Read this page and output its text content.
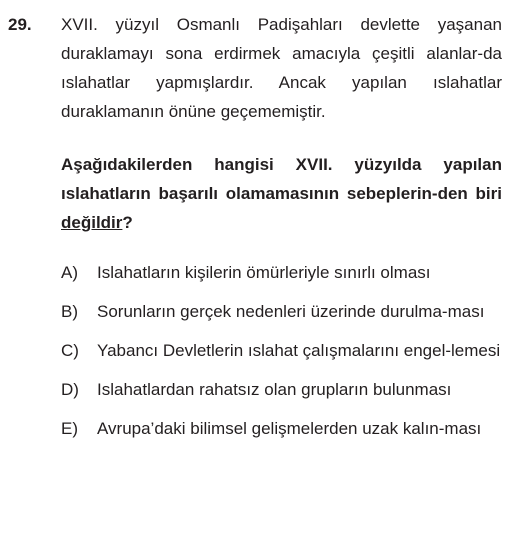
29. XVII. yüzyıl Osmanlı Padişahları devlette yaşanan duraklamayı sona erdirmek amacıyla çeşitli alanlar-da ıslahatlar yapmışlardır. Ancak yapılan ıslahatlar duraklamanın önüne geçememiştir.

Aşağıdakilerden hangisi XVII. yüzyılda yapılan ıslahatların başarılı olamamasının sebeplerin-den biri değildir?
A) Islahatların kişilerin ömürleriyle sınırlı olması
B) Sorunların gerçek nedenleri üzerinde durulma-ması
C) Yabancı Devletlerin ıslahat çalışmalarını engel-lemesi
D) Islahatlardan rahatsız olan grupların bulunması
E) Avrupa’daki bilimsel gelişmelerden uzak kalın-ması
